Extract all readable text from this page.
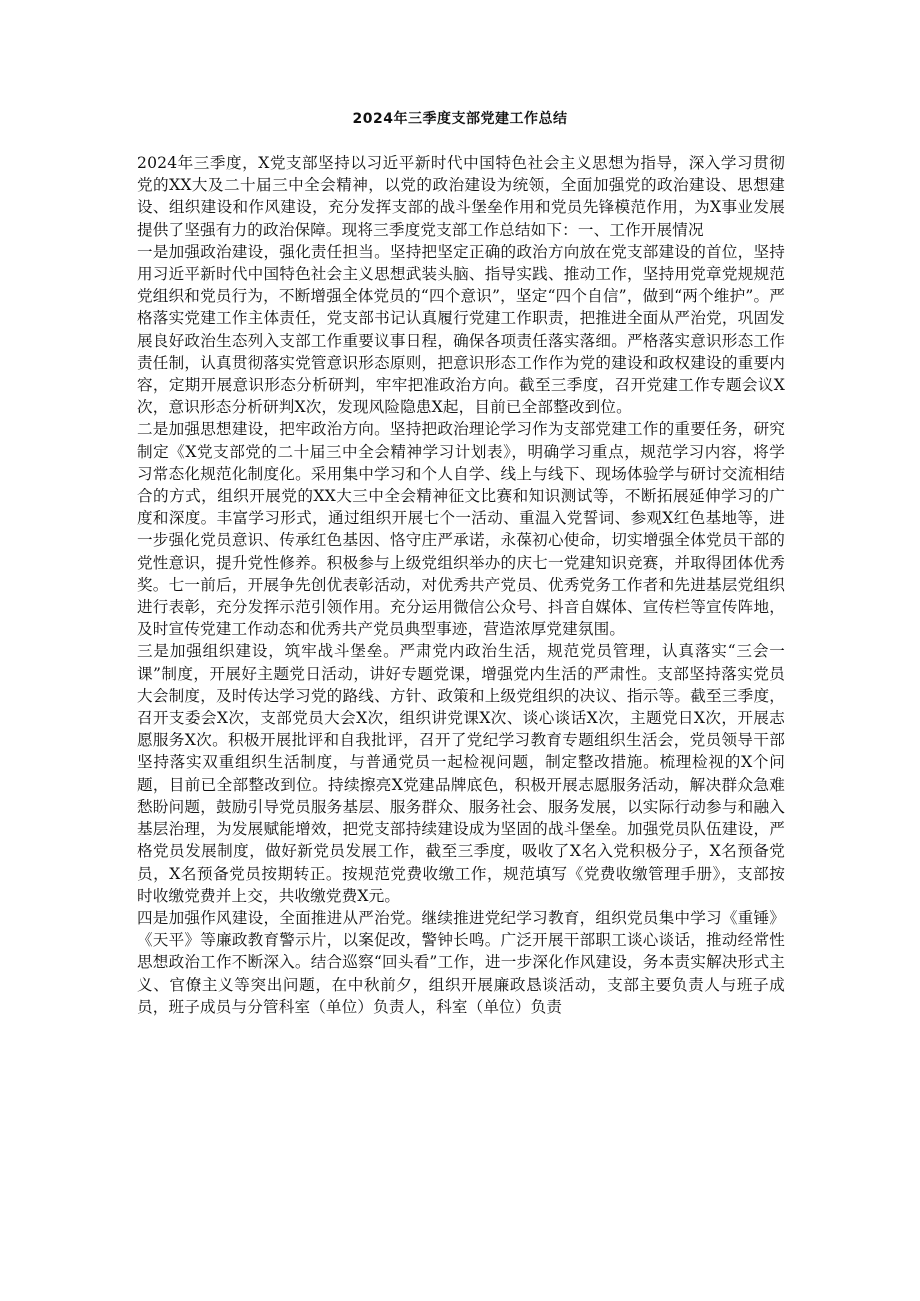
2024年三季度支部党建工作总结

2024年三季度，X党支部坚持以习近平新时代中国特色社会主义思想为指导，深入学习贯彻党的XX大及二十届三中全会精神，以党的政治建设为统领，全面加强党的政治建设、思想建设、组织建设和作风建设，充分发挥支部的战斗堡垒作用和党员先锋模范作用，为X事业发展提供了坚强有力的政治保障。现将三季度党支部工作总结如下：一、工作开展情况

一是加强政治建设，强化责任担当。坚持把坚定正确的政治方向放在党支部建设的首位，坚持用习近平新时代中国特色社会主义思想武装头脑、指导实践、推动工作，坚持用党章党规规范党组织和党员行为，不断增强全体党员的“四个意识”，坚定“四个自信”，做到“两个维护”。严格落实党建工作主体责任，党支部书记认真履行党建工作职责，把推进全面从严治党，巩固发展良好政治生态列入支部工作重要议事日程，确保各项责任落实落细。严格落实意识形态工作责任制，认真贯彻落实党管意识形态原则，把意识形态工作作为党的建设和政权建设的重要内容，定期开展意识形态分析研判，牢牢把准政治方向。截至三季度，召开党建工作专题会议X次，意识形态分析研判X次，发现风险隐患X起，目前已全部整改到位。

二是加强思想建设，把牢政治方向。坚持把政治理论学习作为支部党建工作的重要任务，研究制定《X党支部党的二十届三中全会精神学习计划表》，明确学习重点，规范学习内容，将学习常态化规范化制度化。采用集中学习和个人自学、线上与线下、现场体验学与研讨交流相结合的方式，组织开展党的XX大三中全会精神征文比赛和知识测试等，不断拓展延伸学习的广度和深度。丰富学习形式，通过组织开展七个一活动、重温入党誓词、参观X红色基地等，进一步强化党员意识、传承红色基因、恪守庄严承诺，永葆初心使命，切实增强全体党员干部的党性意识，提升党性修养。积极参与上级党组织举办的庆七一党建知识竞赛，并取得团体优秀奖。七一前后，开展争先创优表彰活动，对优秀共产党员、优秀党务工作者和先进基层党组织进行表彰，充分发挥示范引领作用。充分运用微信公众号、抖音自媒体、宣传栏等宣传阵地，及时宣传党建工作动态和优秀共产党员典型事迹，营造浓厚党建氛围。

三是加强组织建设，筑牢战斗堡垒。严肃党内政治生活，规范党员管理，认真落实“三会一课”制度，开展好主题党日活动，讲好专题党课，增强党内生活的严肃性。支部坚持落实党员大会制度，及时传达学习党的路线、方针、政策和上级党组织的决议、指示等。截至三季度，召开支委会X次，支部党员大会X次，组织讲党课X次、谈心谈话X次，主题党日X次，开展志愿服务X次。积极开展批评和自我批评，召开了党纪学习教育专题组织生活会，党员领导干部坚持落实双重组织生活制度，与普通党员一起检视问题，制定整改措施。梳理检视的X个问题，目前已全部整改到位。持续擦亮X党建品牌底色，积极开展志愿服务活动，解决群众急难愁盼问题，鼓励引导党员服务基层、服务群众、服务社会、服务发展，以实际行动参与和融入基层治理，为发展赋能增效，把党支部持续建设成为坚固的战斗堡垒。加强党员队伍建设，严格党员发展制度，做好新党员发展工作，截至三季度，吸收了X名入党积极分子，X名预备党员，X名预备党员按期转正。按规范党费收缴工作，规范填写《党费收缴管理手册》，支部按时收缴党费并上交，共收缴党费X元。

四是加强作风建设，全面推进从严治党。继续推进党纪学习教育，组织党员集中学习《重锤》《天平》等廉政教育警示片，以案促改，警钟长鸣。广泛开展干部职工谈心谈话，推动经常性思想政治工作不断深入。结合巡察“回头看”工作，进一步深化作风建设，务本责实解决形式主义、官僚主义等突出问题，在中秋前夕，组织开展廉政恳谈活动，支部主要负责人与班子成员，班子成员与分管科室（单位）负责人，科室（单位）负责
